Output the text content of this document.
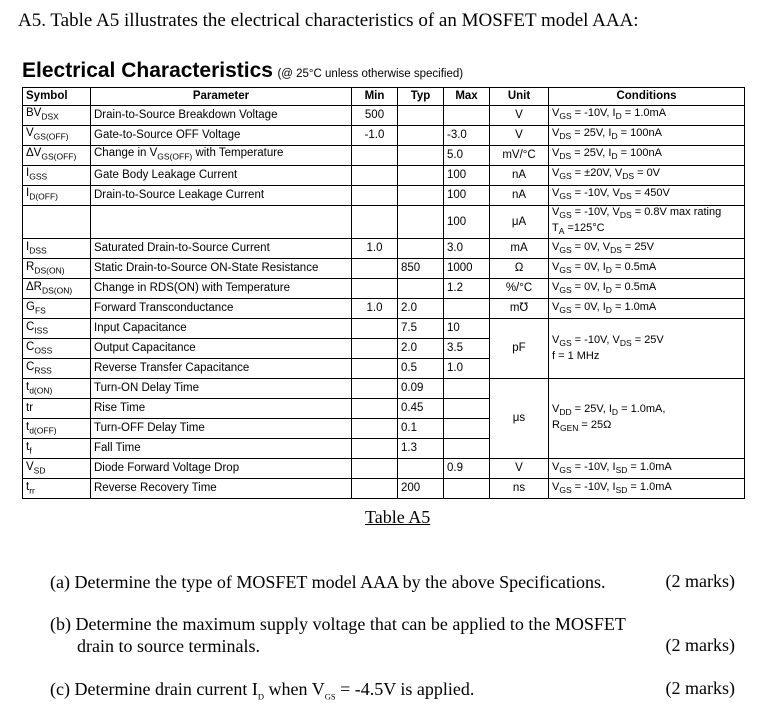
A5. Table A5 illustrates the electrical characteristics of an MOSFET model AAA:
Electrical Characteristics (@ 25°C unless otherwise specified)
Symbol	Parameter	Min	Typ	Max	Unit	Conditions
$BV_{DSX}$	Drain-to-Source Breakdown Voltage	500			V	$V_{GS} = -10V$, $I_D = 1.0mA$
$V_{GS(OFF)}$	Gate-to-Source OFF Voltage	-1.0		-3.0	V	$V_{DS} = 25V$, $I_D = 100nA$
$\Delta V_{GS(OFF)}$	Change in $V_{GS(OFF)}$ with Temperature			5.0	mV/°C	$V_{DS} = 25V$, $I_D = 100nA$
$I_{GSS}$	Gate Body Leakage Current			100	nA	$V_{GS} = \pm 20V$, $V_{DS} = 0V$
$I_{D(OFF)}$	Drain-to-Source Leakage Current			100	nA	$V_{GS} = -10V$, $V_{DS} = 450V$
				100	μA	$V_{GS} = -10V$, $V_{DS} = 0.8V$ max rating
$T_A =125^\circ C$
$I_{DSS}$	Saturated Drain-to-Source Current	1.0		3.0	mA	$V_{GS} = 0V$, $V_{DS} = 25V$
$R_{DS(ON)}$	Static Drain-to-Source ON-State Resistance		850	1000	Ω	$V_{GS} = 0V$, $I_D = 0.5mA$
$\Delta R_{DS(ON)}$	Change in RDS(ON) with Temperature			1.2	%/°C	$V_{GS} = 0V$, $I_D = 0.5mA$
$G_{FS}$	Forward Transconductance	1.0	2.0		m℧	$V_{GS} = 0V$, $I_D = 1.0mA$
$C_{ISS}$	Input Capacitance		7.5	10	pF	$V_{GS} = -10V$, $V_{DS} = 25V$
f = 1 MHz
$C_{OSS}$	Output Capacitance		2.0	3.5		
$C_{RSS}$	Reverse Transfer Capacitance		0.5	1.0		
$t_{d(ON)}$	Turn-ON Delay Time		0.09		μs	$V_{DD} = 25V$, $I_D = 1.0mA$,
$R_{GEN} = 25\Omega$
tr	Rise Time		0.45			
$t_{d(OFF)}$	Turn-OFF Delay Time		0.1			
$t_f$	Fall Time		1.3			
$V_{SD}$	Diode Forward Voltage Drop			0.9	V	$V_{GS} = -10V$, $I_{SD} = 1.0mA$
$t_{rr}$	Reverse Recovery Time		200		ns	$V_{GS} = -10V$, $I_{SD} = 1.0mA$
Table A5
(a) Determine the type of MOSFET model AAA by the above Specifications.	(2 marks)
(b) Determine the maximum supply voltage that can be applied to the MOSFET
drain to source terminals.	(2 marks)
(c) Determine drain current $I_D$ when $V_{GS} = -4.5V$ is applied.	(2 marks)
